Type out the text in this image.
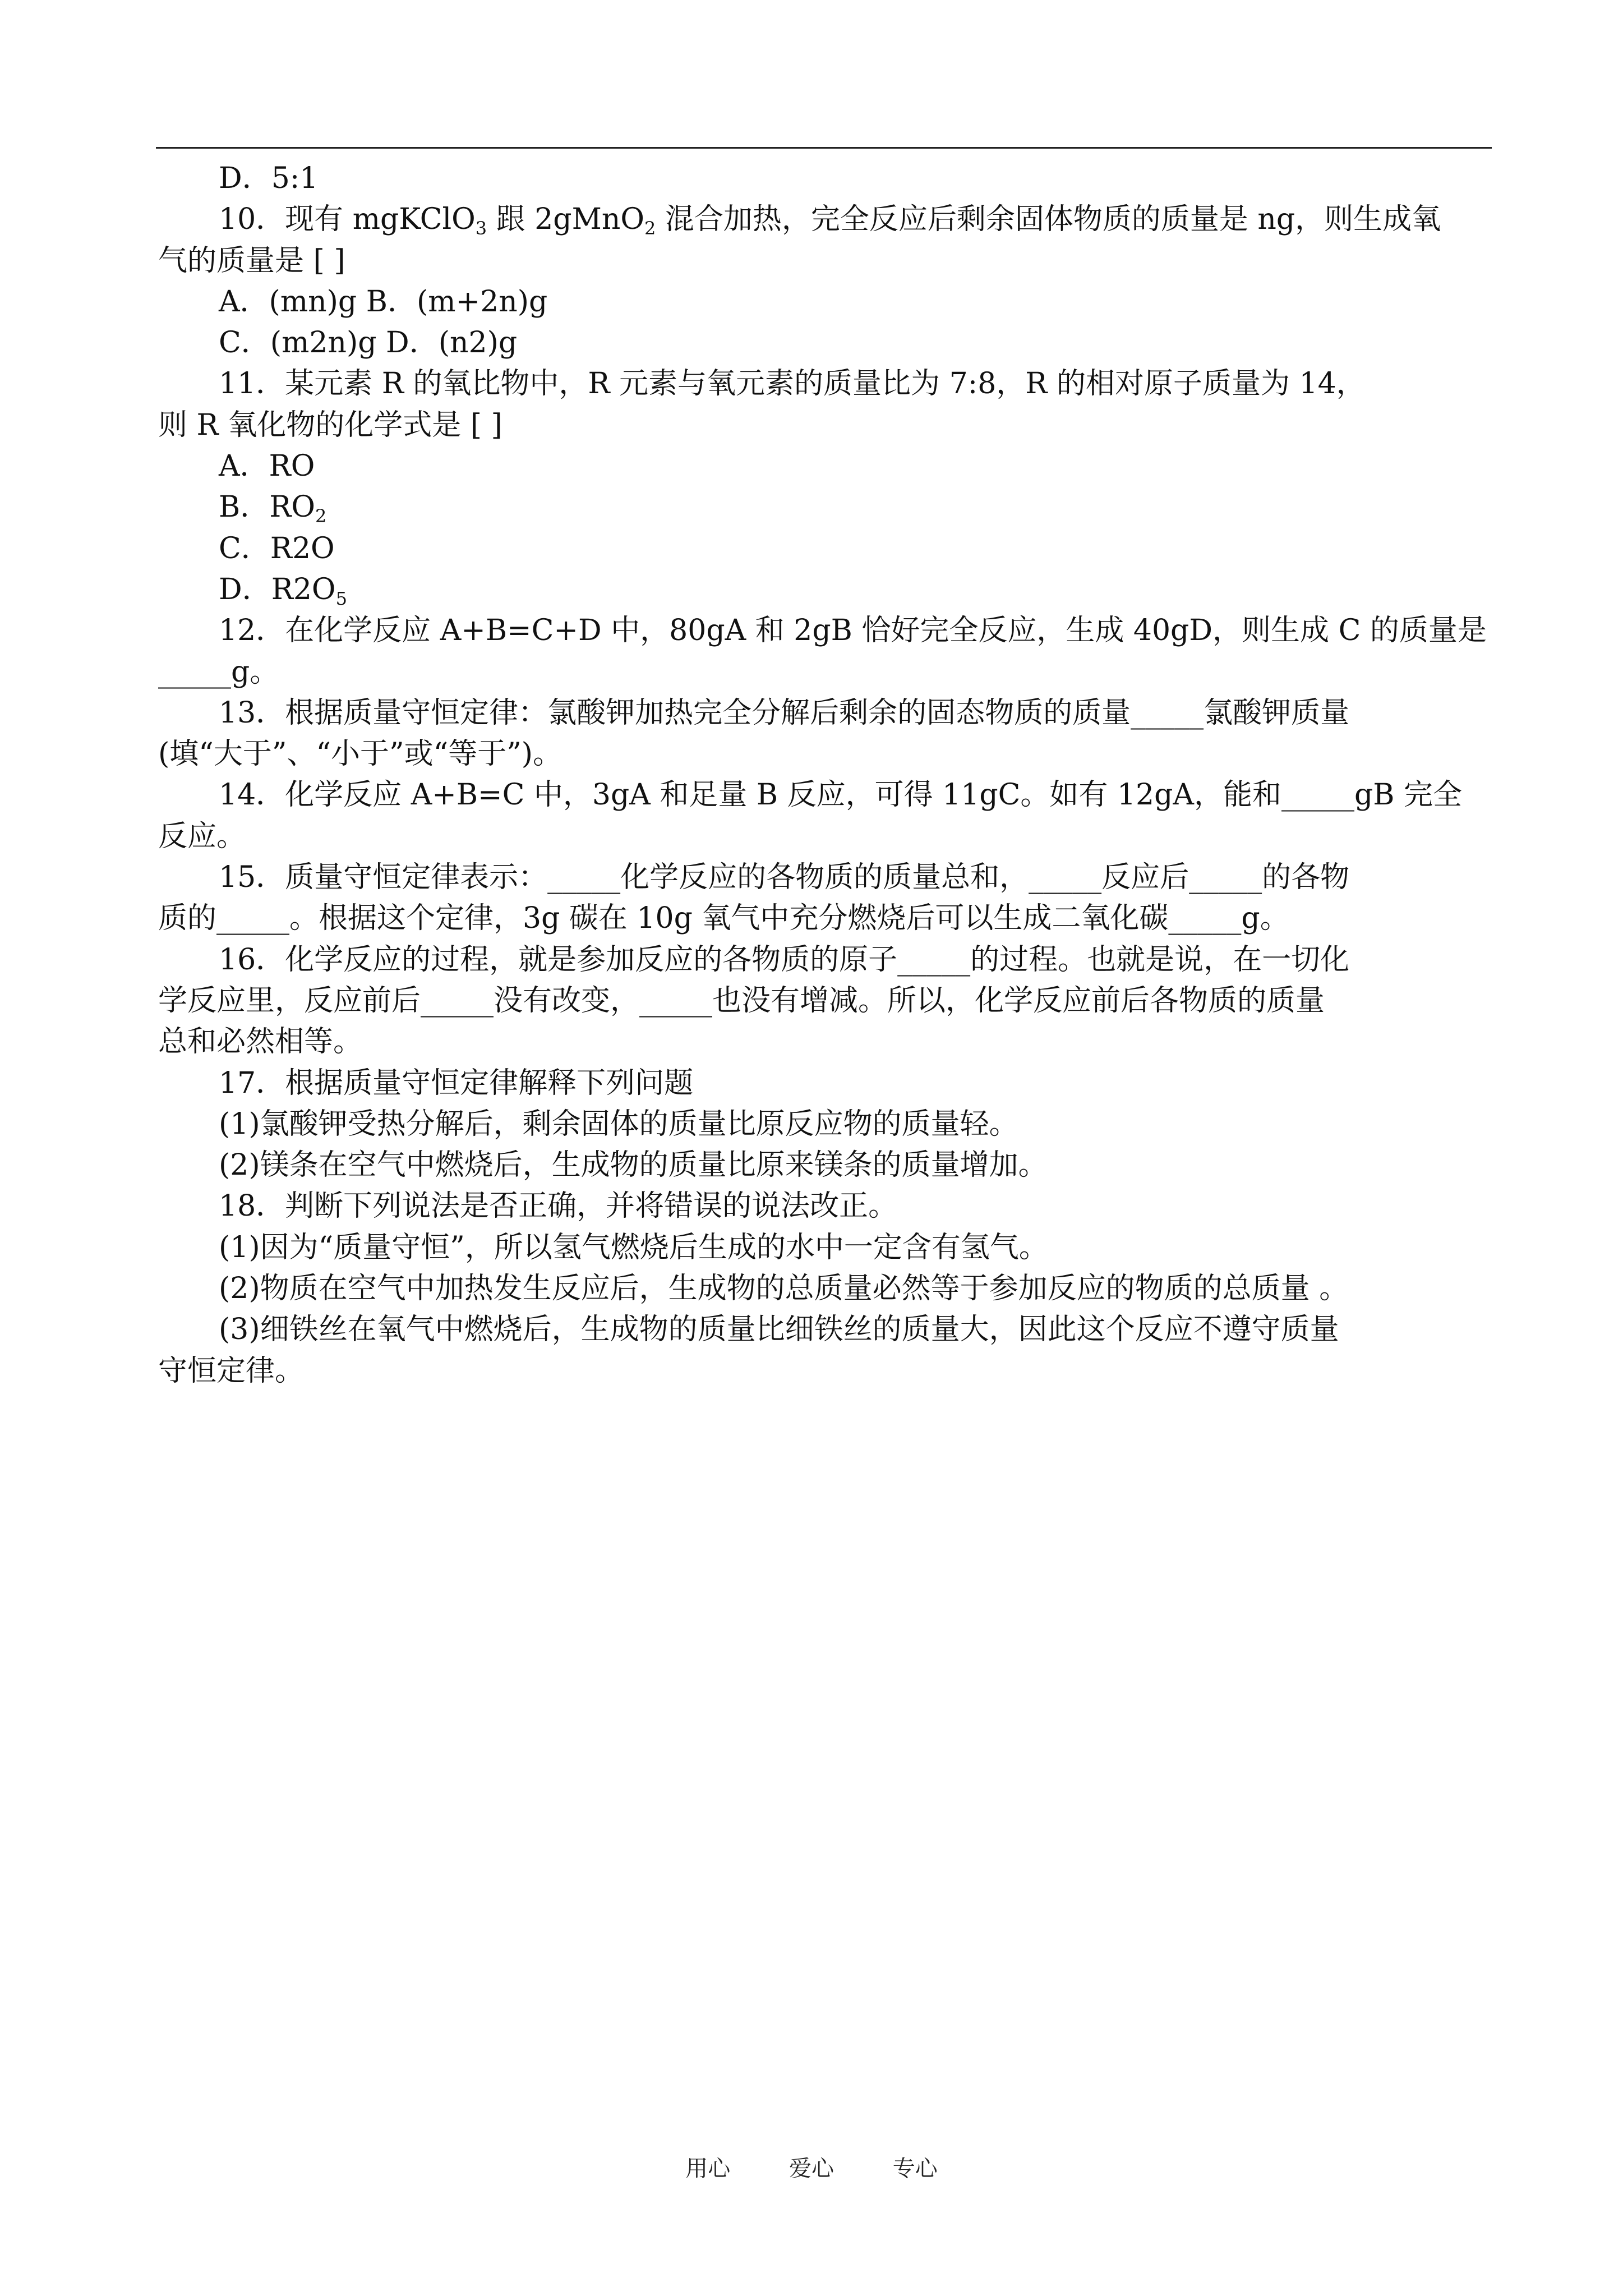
D．5:1
10．现有 mgKClO$_3$ 跟 2gMnO$_2$ 混合加热，完全反应后剩余固体物质的质量是 ng，则生成氧
气的质量是 [ ]
A．(mn)g B．(m+2n)g
C．(m2n)g D．(n2)g
11．某元素 R 的氧比物中，R 元素与氧元素的质量比为 7:8，R 的相对原子质量为 14，
则 R 氧化物的化学式是 [ ]
A．RO
B．$RO_2$
C．R2O
D．$R2O_5$
12．在化学反应 A+B=C+D 中，80gA 和 2gB 恰好完全反应，生成 40gD，则生成 C 的质量是
_____g。
13．根据质量守恒定律：氯酸钾加热完全分解后剩余的固态物质的质量_____氯酸钾质量
(填“大于”、“小于”或“等于”)。
14．化学反应 A+B=C 中，3gA 和足量 B 反应，可得 11gC。如有 12gA，能和_____gB 完全
反应。
15．质量守恒定律表示：_____化学反应的各物质的质量总和，_____反应后_____的各物
质的_____。根据这个定律，3g 碳在 10g 氧气中充分燃烧后可以生成二氧化碳_____g。
16．化学反应的过程，就是参加反应的各物质的原子_____的过程。也就是说，在一切化
学反应里，反应前后_____没有改变，_____也没有增减。所以，化学反应前后各物质的质量
总和必然相等。
17．根据质量守恒定律解释下列问题
(1)氯酸钾受热分解后，剩余固体的质量比原反应物的质量轻。
(2)镁条在空气中燃烧后，生成物的质量比原来镁条的质量增加。
18．判断下列说法是否正确，并将错误的说法改正。
(1)因为“质量守恒”，所以氢气燃烧后生成的水中一定含有氢气。
(2)物质在空气中加热发生反应后，生成物的总质量必然等于参加反应的物质的总质量 。
(3)细铁丝在氧气中燃烧后，生成物的质量比细铁丝的质量大，因此这个反应不遵守质量
守恒定律。
用心	爱心	专心
